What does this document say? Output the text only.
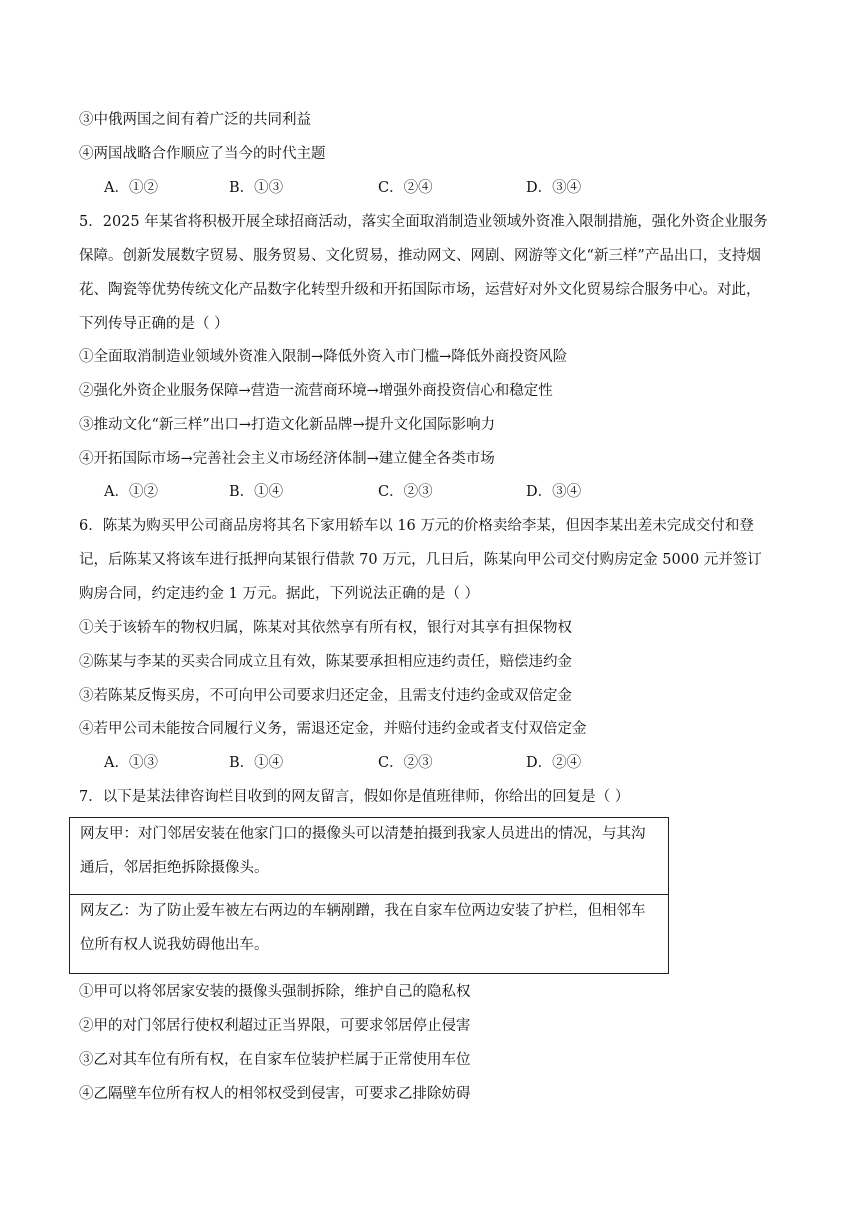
③中俄两国之间有着广泛的共同利益
④两国战略合作顺应了当今的时代主题
A．①②	B．①③	C．②④	D．③④
5．2025 年某省将积极开展全球招商活动，落实全面取消制造业领域外资准入限制措施，强化外资企业服务
保障。创新发展数字贸易、服务贸易、文化贸易，推动网文、网剧、网游等文化“新三样”产品出口，支持烟
花、陶瓷等优势传统文化产品数字化转型升级和开拓国际市场，运营好对外文化贸易综合服务中心。对此，
下列传导正确的是（ ）
①全面取消制造业领域外资准入限制→降低外资入市门槛→降低外商投资风险
②强化外资企业服务保障→营造一流营商环境→增强外商投资信心和稳定性
③推动文化“新三样”出口→打造文化新品牌→提升文化国际影响力
④开拓国际市场→完善社会主义市场经济体制→建立健全各类市场
A．①②	B．①④	C．②③	D．③④
6．陈某为购买甲公司商品房将其名下家用轿车以 16 万元的价格卖给李某，但因李某出差未完成交付和登
记，后陈某又将该车进行抵押向某银行借款 70 万元，几日后，陈某向甲公司交付购房定金 5000 元并签订
购房合同，约定违约金 1 万元。据此，下列说法正确的是（ ）
①关于该轿车的物权归属，陈某对其依然享有所有权，银行对其享有担保物权
②陈某与李某的买卖合同成立且有效，陈某要承担相应违约责任，赔偿违约金
③若陈某反悔买房，不可向甲公司要求归还定金，且需支付违约金或双倍定金
④若甲公司未能按合同履行义务，需退还定金，并赔付违约金或者支付双倍定金
A．①③	B．①④	C．②③	D．②④
7．以下是某法律咨询栏目收到的网友留言，假如你是值班律师，你给出的回复是（ ）
网友甲：对门邻居安装在他家门口的摄像头可以清楚拍摄到我家人员进出的情况，与其沟
通后，邻居拒绝拆除摄像头。
网友乙：为了防止爱车被左右两边的车辆剐蹭，我在自家车位两边安装了护栏，但相邻车
位所有权人说我妨碍他出车。
①甲可以将邻居家安装的摄像头强制拆除，维护自己的隐私权
②甲的对门邻居行使权利超过正当界限，可要求邻居停止侵害
③乙对其车位有所有权，在自家车位装护栏属于正常使用车位
④乙隔壁车位所有权人的相邻权受到侵害，可要求乙排除妨碍
